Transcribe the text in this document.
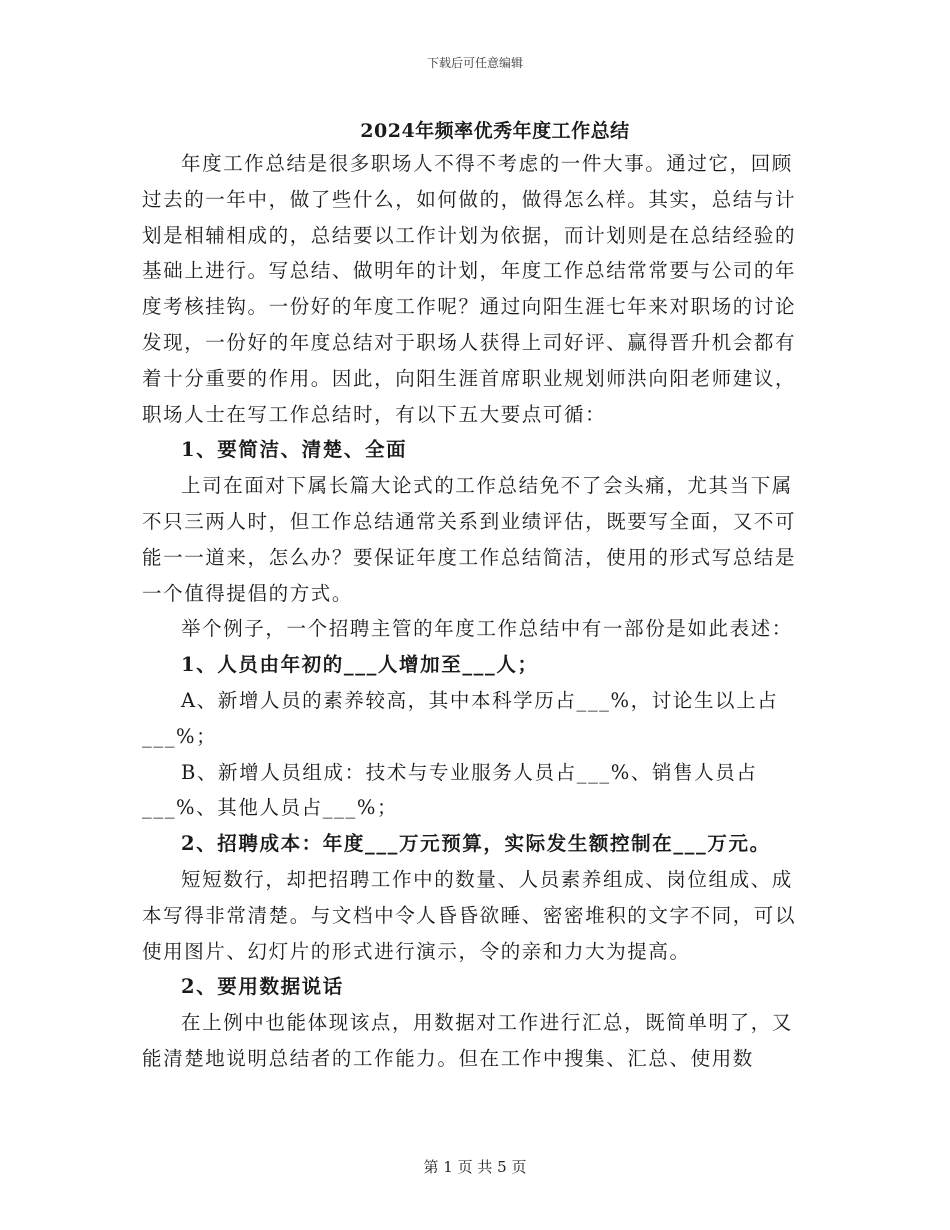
下载后可任意编辑
2024年频率优秀年度工作总结

年度工作总结是很多职场人不得不考虑的一件大事。通过它，回顾过去的一年中，做了些什么，如何做的，做得怎么样。其实，总结与计划是相辅相成的，总结要以工作计划为依据，而计划则是在总结经验的基础上进行。写总结、做明年的计划，年度工作总结常常要与公司的年度考核挂钩。一份好的年度工作呢？通过向阳生涯七年来对职场的讨论发现，一份好的年度总结对于职场人获得上司好评、赢得晋升机会都有着十分重要的作用。因此，向阳生涯首席职业规划师洪向阳老师建议，职场人士在写工作总结时，有以下五大要点可循：

1、要简洁、清楚、全面

上司在面对下属长篇大论式的工作总结免不了会头痛，尤其当下属不只三两人时，但工作总结通常关系到业绩评估，既要写全面，又不可能一一道来，怎么办？要保证年度工作总结简洁，使用的形式写总结是一个值得提倡的方式。

举个例子，一个招聘主管的年度工作总结中有一部份是如此表述：

1、人员由年初的___人增加至___人；

A、新增人员的素养较高，其中本科学历占___%，讨论生以上占___%；

B、新增人员组成：技术与专业服务人员占___%、销售人员占___%、其他人员占___%；

2、招聘成本：年度___万元预算，实际发生额控制在___万元。

短短数行，却把招聘工作中的数量、人员素养组成、岗位组成、成本写得非常清楚。与文档中令人昏昏欲睡、密密堆积的文字不同，可以使用图片、幻灯片的形式进行演示，令的亲和力大为提高。

2、要用数据说话

在上例中也能体现该点，用数据对工作进行汇总，既简单明了，又能清楚地说明总结者的工作能力。但在工作中搜集、汇总、使用数

第 1 页 共 5 页
